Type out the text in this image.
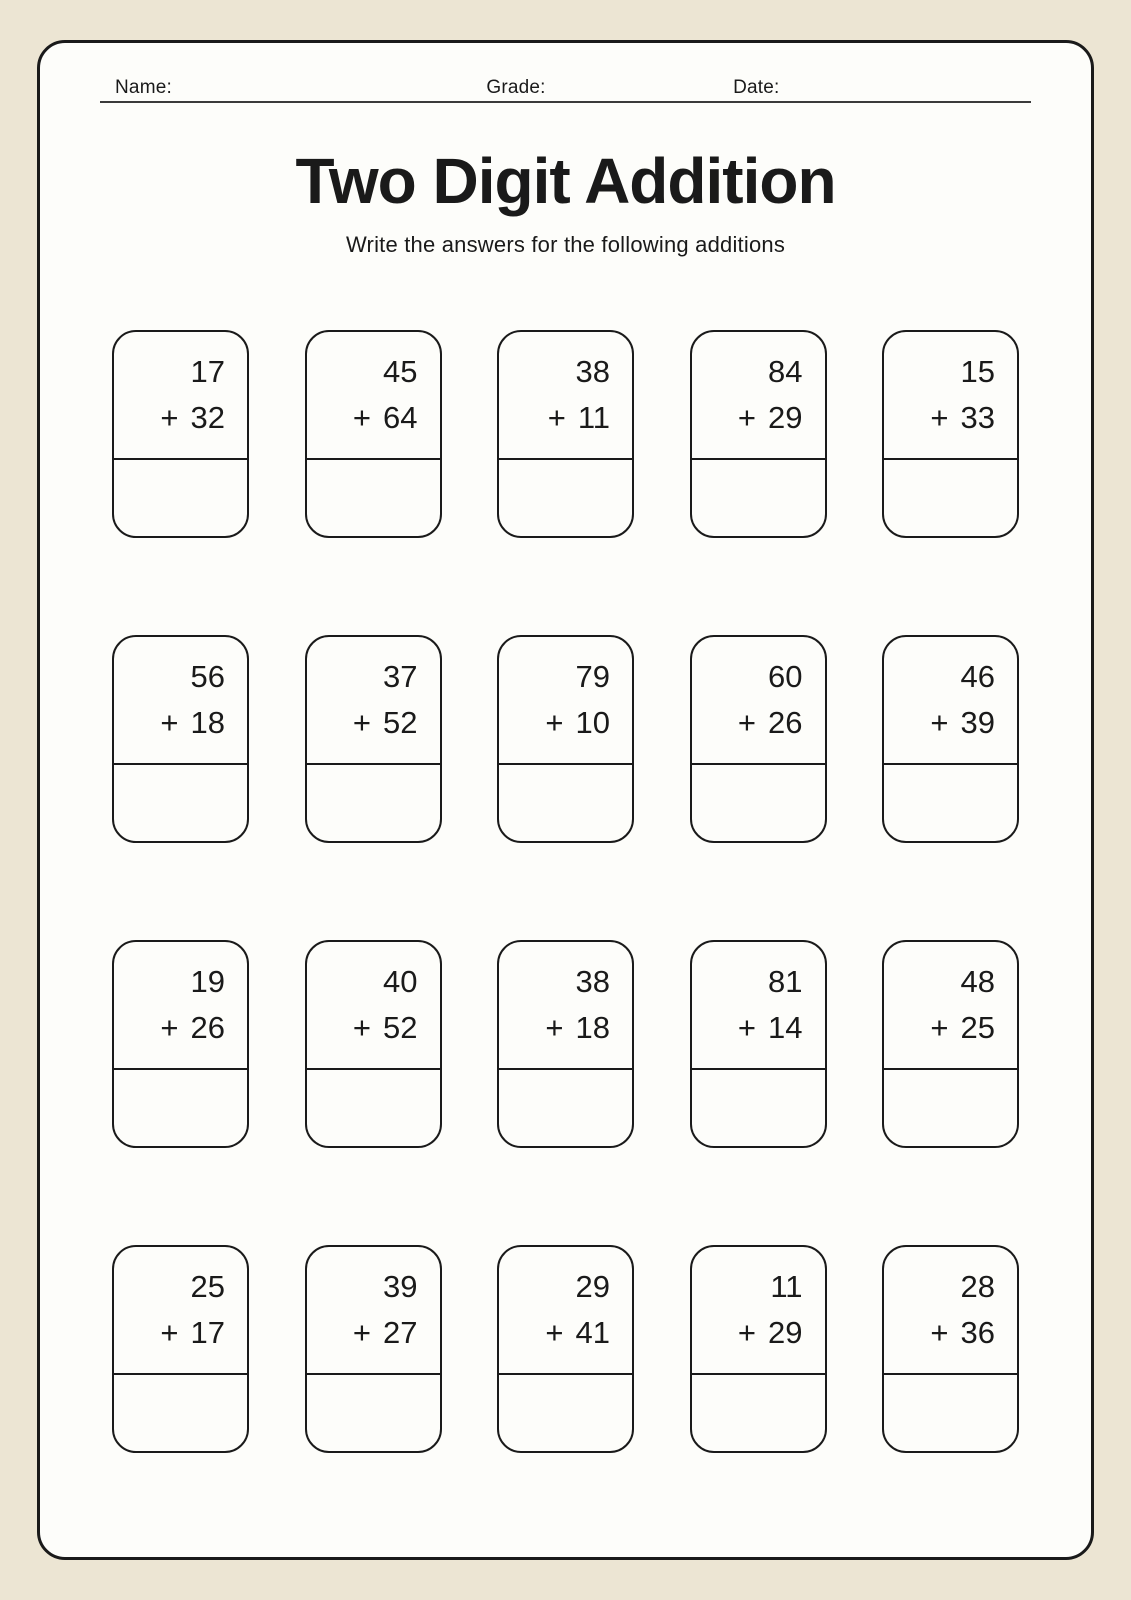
Name:	Grade:	Date:
Two Digit Addition

Write the answers for the following additions

17
+ 32
45
+ 64
38
+ 11
84
+ 29
15
+ 33
56
+ 18
37
+ 52
79
+ 10
60
+ 26
46
+ 39
19
+ 26
40
+ 52
38
+ 18
81
+ 14
48
+ 25
25
+ 17
39
+ 27
29
+ 41
11
+ 29
28
+ 36
